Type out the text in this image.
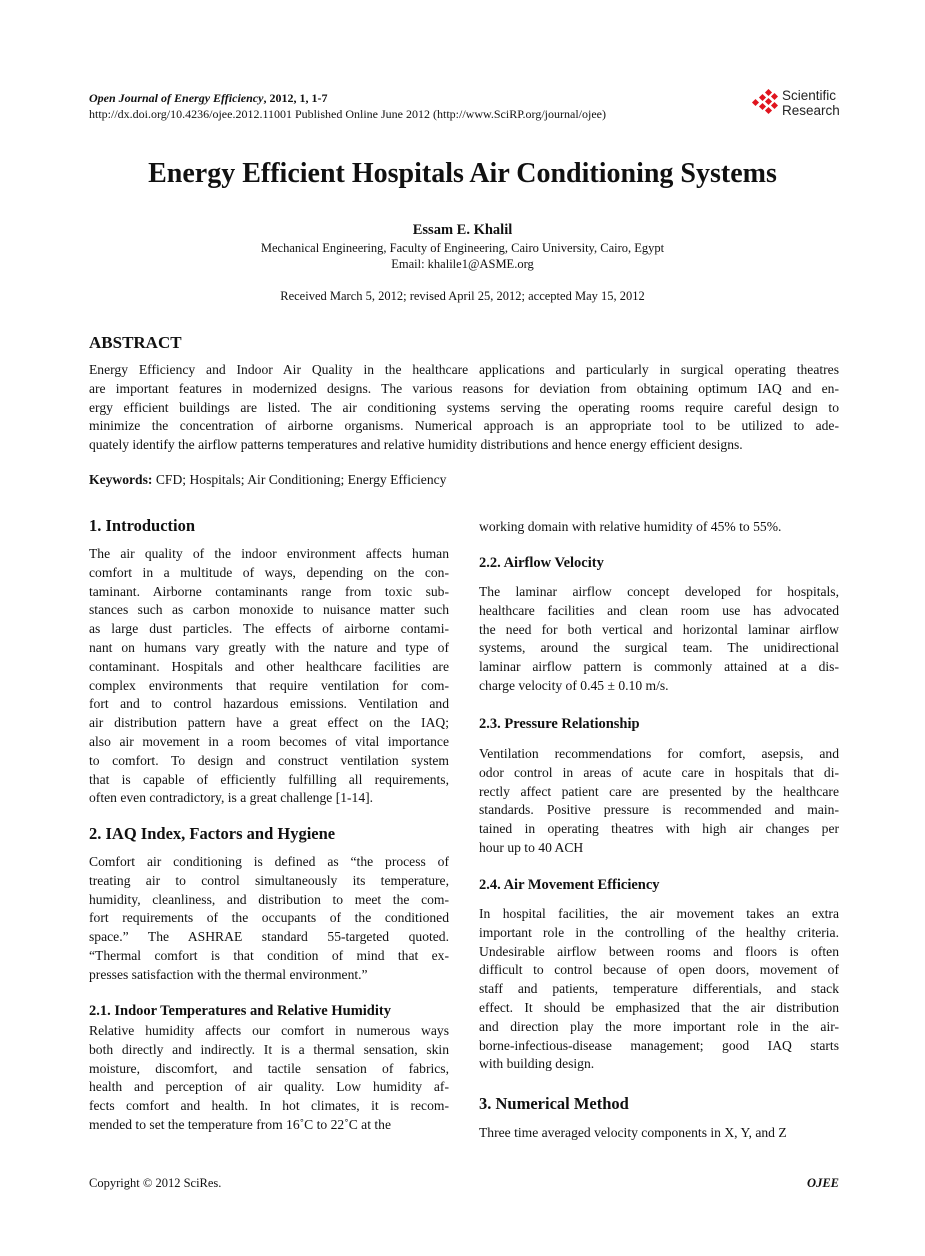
Open Journal of Energy Efficiency, 2012, 1, 1-7
http://dx.doi.org/10.4236/ojee.2012.11001 Published Online June 2012 (http://www.SciRP.org/journal/ojee)
Scientific
Research
Energy Efficient Hospitals Air Conditioning Systems
Essam E. Khalil
Mechanical Engineering, Faculty of Engineering, Cairo University, Cairo, Egypt
Email: khalile1@ASME.org
Received March 5, 2012; revised April 25, 2012; accepted May 15, 2012
ABSTRACT
Energy Efficiency and Indoor Air Quality in the healthcare applications and particularly in surgical operating theatres
are important features in modernized designs. The various reasons for deviation from obtaining optimum IAQ and en-
ergy efficient buildings are listed. The air conditioning systems serving the operating rooms require careful design to
minimize the concentration of airborne organisms. Numerical approach is an appropriate tool to be utilized to ade-
quately identify the airflow patterns temperatures and relative humidity distributions and hence energy efficient designs.
Keywords: CFD; Hospitals; Air Conditioning; Energy Efficiency
1. Introduction
The air quality of the indoor environment affects human
comfort in a multitude of ways, depending on the con-
taminant. Airborne contaminants range from toxic sub-
stances such as carbon monoxide to nuisance matter such
as large dust particles. The effects of airborne contami-
nant on humans vary greatly with the nature and type of
contaminant. Hospitals and other healthcare facilities are
complex environments that require ventilation for com-
fort and to control hazardous emissions. Ventilation and
air distribution pattern have a great effect on the IAQ;
also air movement in a room becomes of vital importance
to comfort. To design and construct ventilation system
that is capable of efficiently fulfilling all requirements,
often even contradictory, is a great challenge [1-14].
2. IAQ Index, Factors and Hygiene
Comfort air conditioning is defined as “the process of
treating air to control simultaneously its temperature,
humidity, cleanliness, and distribution to meet the com-
fort requirements of the occupants of the conditioned
space.” The ASHRAE standard 55-targeted quoted.
“Thermal comfort is that condition of mind that ex-
presses satisfaction with the thermal environment.”
2.1. Indoor Temperatures and Relative Humidity
Relative humidity affects our comfort in numerous ways
both directly and indirectly. It is a thermal sensation, skin
moisture, discomfort, and tactile sensation of fabrics,
health and perception of air quality. Low humidity af-
fects comfort and health. In hot climates, it is recom-
mended to set the temperature from 16˚C to 22˚C at the
working domain with relative humidity of 45% to 55%.
2.2. Airflow Velocity
The laminar airflow concept developed for hospitals,
healthcare facilities and clean room use has advocated
the need for both vertical and horizontal laminar airflow
systems, around the surgical team. The unidirectional
laminar airflow pattern is commonly attained at a dis-
charge velocity of 0.45 ± 0.10 m/s.
2.3. Pressure Relationship
Ventilation recommendations for comfort, asepsis, and
odor control in areas of acute care in hospitals that di-
rectly affect patient care are presented by the healthcare
standards. Positive pressure is recommended and main-
tained in operating theatres with high air changes per
hour up to 40 ACH
2.4. Air Movement Efficiency
In hospital facilities, the air movement takes an extra
important role in the controlling of the healthy criteria.
Undesirable airflow between rooms and floors is often
difficult to control because of open doors, movement of
staff and patients, temperature differentials, and stack
effect. It should be emphasized that the air distribution
and direction play the more important role in the air-
borne-infectious-disease management; good IAQ starts
with building design.
3. Numerical Method
Three time averaged velocity components in X, Y, and Z
Copyright © 2012 SciRes.	OJEE
